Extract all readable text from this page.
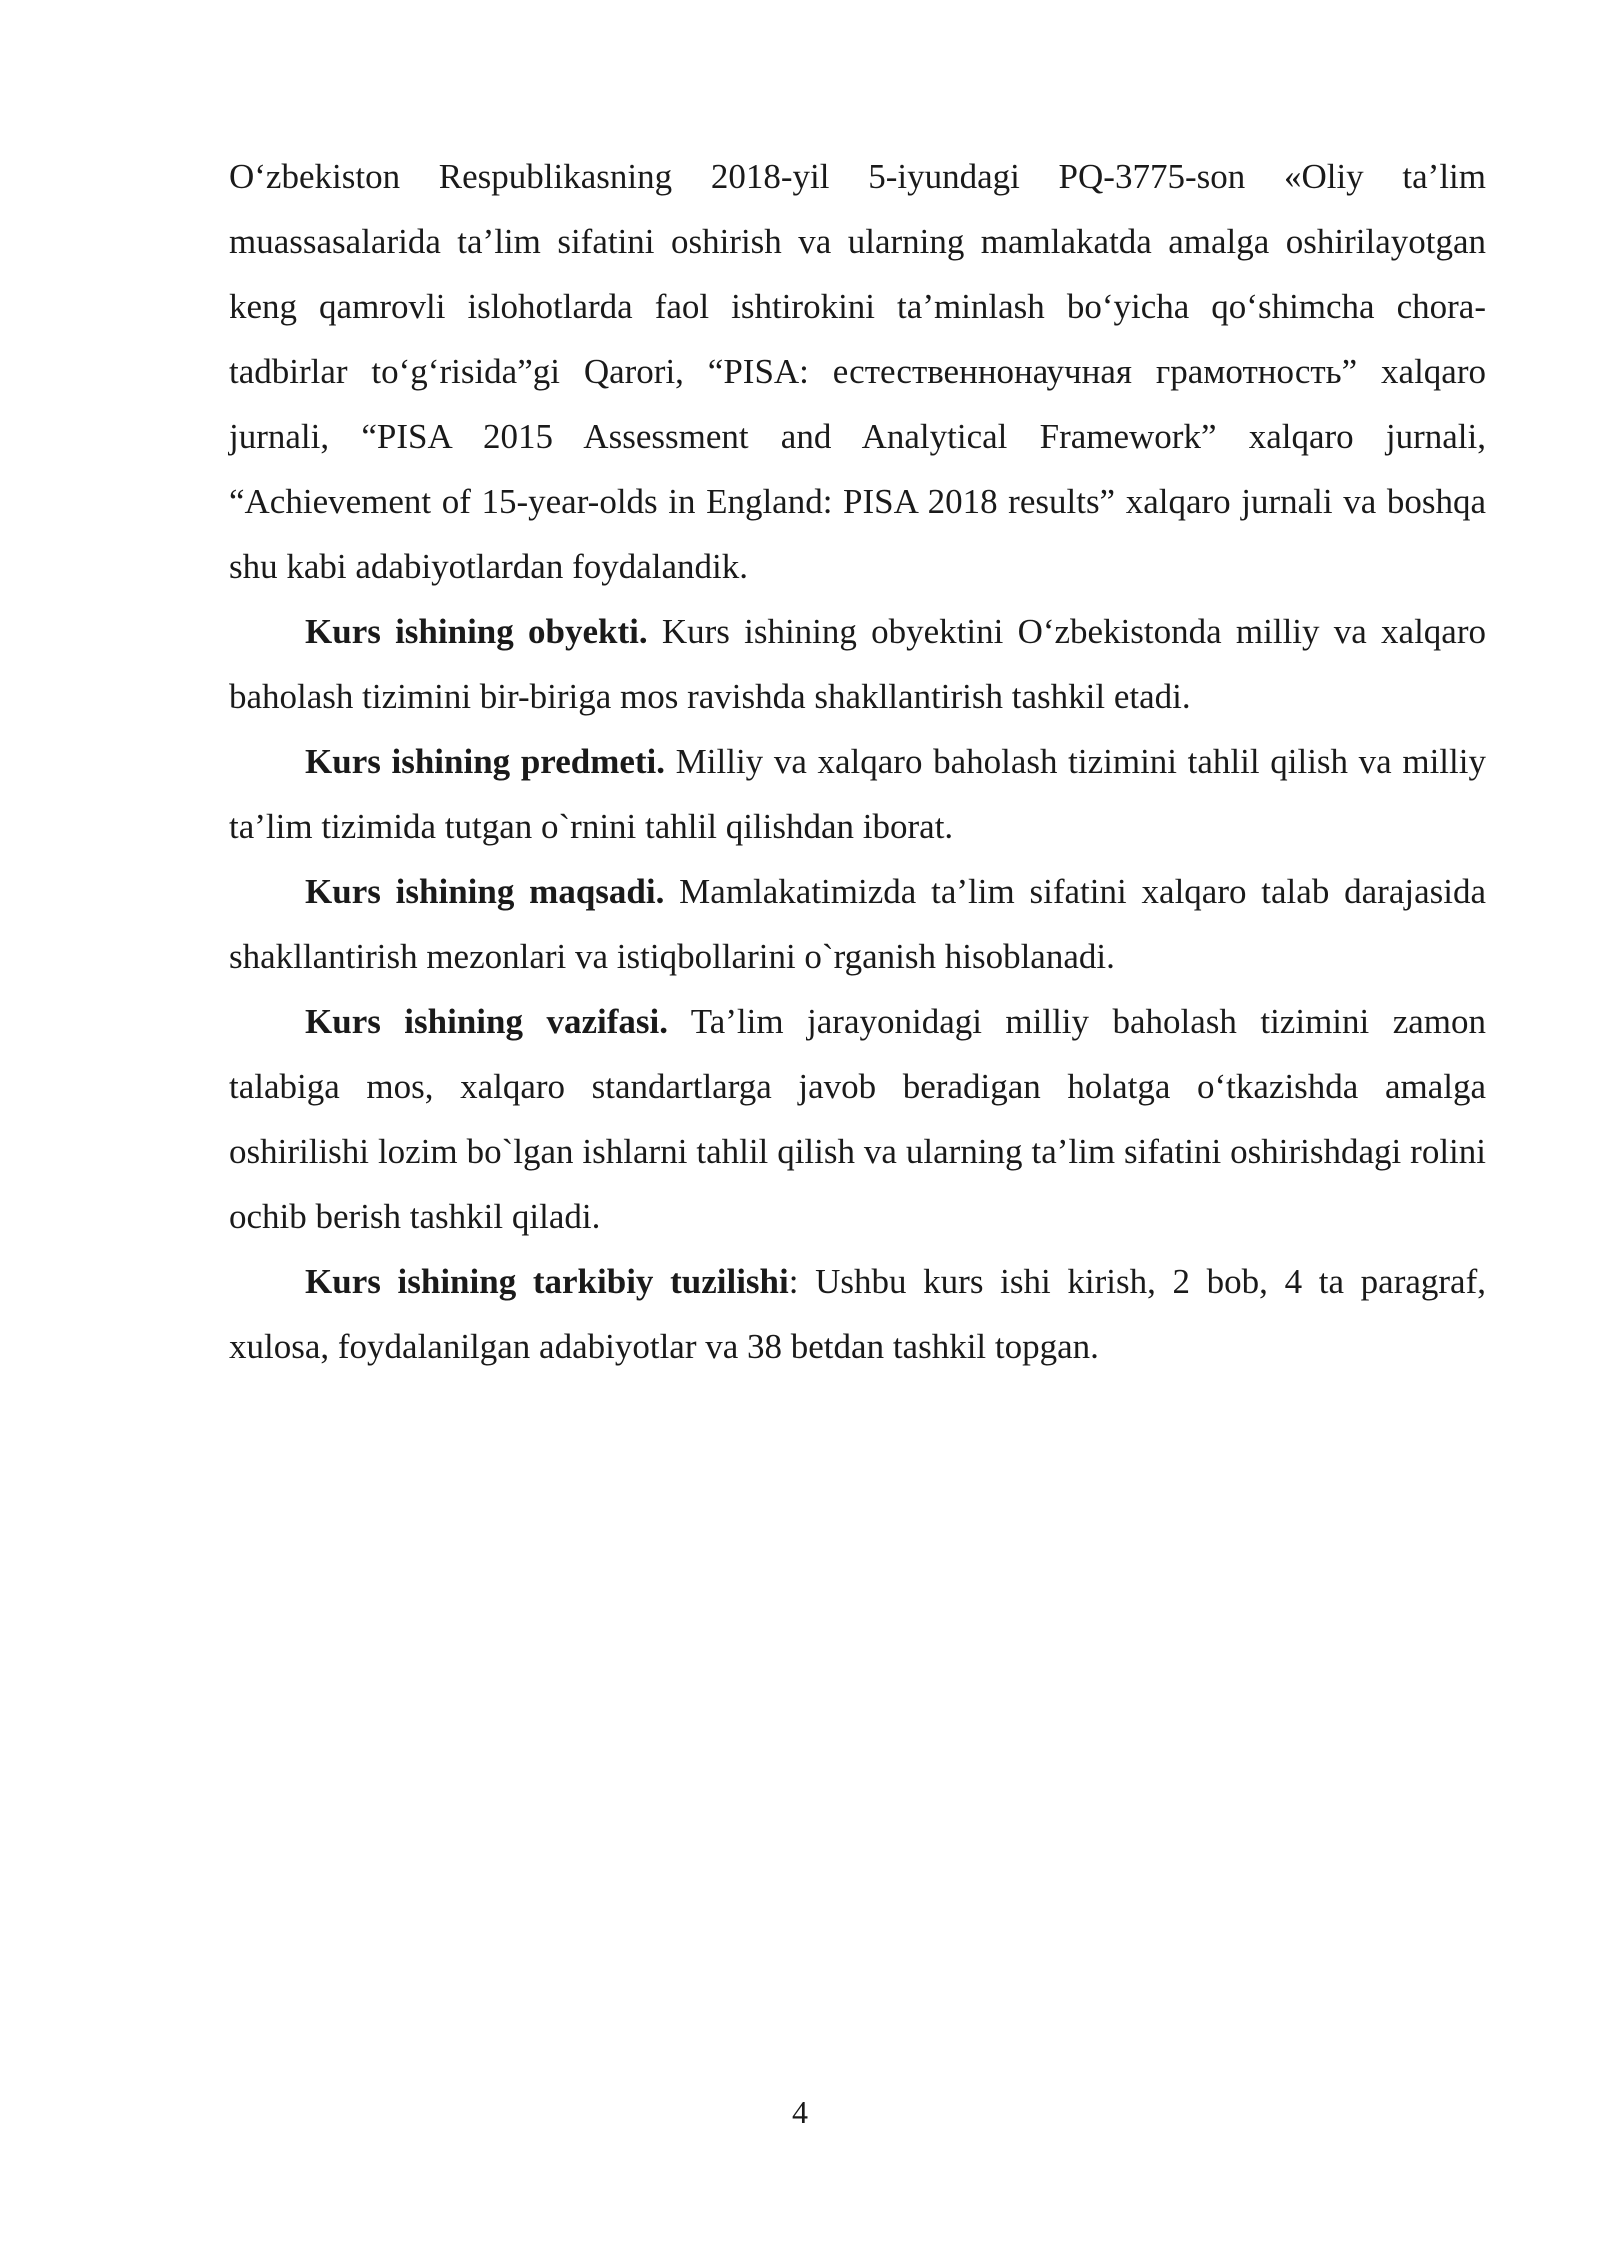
O‘zbekiston Respublikasning 2018-yil 5-iyundagi PQ-3775-son «Oliy ta’lim muassasalarida ta’lim sifatini oshirish va ularning mamlakatda amalga oshirilayotgan keng qamrovli islohotlarda faol ishtirokini ta’minlash bo‘yicha qo‘shimcha chora-tadbirlar to‘g‘risida”gi Qarori, “PISA: естественнонаучная грамотность” xalqaro jurnali, “PISA 2015 Assessment and Analytical Framework” xalqaro jurnali, “Achievement of 15-year-olds in England: PISA 2018 results” xalqaro jurnali va boshqa shu kabi adabiyotlardan foydalandik.

Kurs ishining obyekti. Kurs ishining obyektini O‘zbekistonda milliy va xalqaro baholash tizimini bir-biriga mos ravishda shakllantirish tashkil etadi.

Kurs ishining predmeti. Milliy va xalqaro baholash tizimini tahlil qilish va milliy ta’lim tizimida tutgan o`rnini tahlil qilishdan iborat.

Kurs ishining maqsadi. Mamlakatimizda ta’lim sifatini xalqaro talab darajasida shakllantirish mezonlari va istiqbollarini o`rganish hisoblanadi.

Kurs ishining vazifasi. Ta’lim jarayonidagi milliy baholash tizimini zamon talabiga mos, xalqaro standartlarga javob beradigan holatga o‘tkazishda amalga oshirilishi lozim bo`lgan ishlarni tahlil qilish va ularning ta’lim sifatini oshirishdagi rolini ochib berish tashkil qiladi.

Kurs ishining tarkibiy tuzilishi: Ushbu kurs ishi kirish, 2 bob, 4 ta paragraf, xulosa, foydalanilgan adabiyotlar va 38 betdan tashkil topgan.

4
